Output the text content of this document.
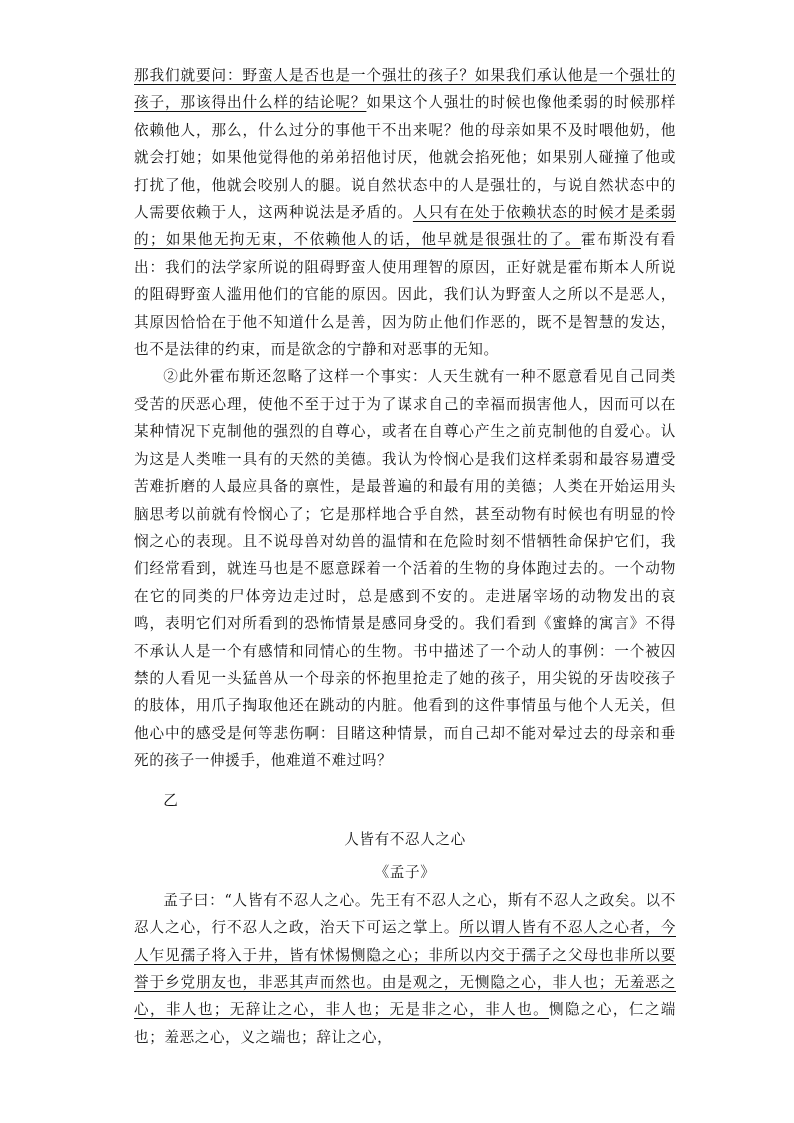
那我们就要问：野蛮人是否也是一个强壮的孩子？如果我们承认他是一个强壮的孩子，那该得出什么样的结论呢？如果这个人强壮的时候也像他柔弱的时候那样依赖他人，那么，什么过分的事他干不出来呢？他的母亲如果不及时喂他奶，他就会打她；如果他觉得他的弟弟招他讨厌，他就会掐死他；如果别人碰撞了他或打扰了他，他就会咬别人的腿。说自然状态中的人是强壮的，与说自然状态中的人需要依赖于人，这两种说法是矛盾的。人只有在处于依赖状态的时候才是柔弱的；如果他无拘无束，不依赖他人的话，他早就是很强壮的了。霍布斯没有看出：我们的法学家所说的阻碍野蛮人使用理智的原因，正好就是霍布斯本人所说的阻碍野蛮人滥用他们的官能的原因。因此，我们认为野蛮人之所以不是恶人，其原因恰恰在于他不知道什么是善，因为防止他们作恶的，既不是智慧的发达，也不是法律的约束，而是欲念的宁静和对恶事的无知。

②此外霍布斯还忽略了这样一个事实：人天生就有一种不愿意看见自己同类受苦的厌恶心理，使他不至于过于为了谋求自己的幸福而损害他人，因而可以在某种情况下克制他的强烈的自尊心，或者在自尊心产生之前克制他的自爱心。认为这是人类唯一具有的天然的美德。我认为怜悯心是我们这样柔弱和最容易遭受苦难折磨的人最应具备的禀性，是最普遍的和最有用的美德；人类在开始运用头脑思考以前就有怜悯心了；它是那样地合乎自然，甚至动物有时候也有明显的怜悯之心的表现。且不说母兽对幼兽的温情和在危险时刻不惜牺牲命保护它们，我们经常看到，就连马也是不愿意踩着一个活着的生物的身体跑过去的。一个动物在它的同类的尸体旁边走过时，总是感到不安的。走进屠宰场的动物发出的哀鸣，表明它们对所看到的恐怖情景是感同身受的。我们看到《蜜蜂的寓言》不得不承认人是一个有感情和同情心的生物。书中描述了一个动人的事例：一个被囚禁的人看见一头猛兽从一个母亲的怀抱里抢走了她的孩子，用尖锐的牙齿咬孩子的肢体，用爪子掏取他还在跳动的内脏。他看到的这件事情虽与他个人无关，但他心中的感受是何等悲伤啊：目睹这种情景，而自己却不能对晕过去的母亲和垂死的孩子一伸援手，他难道不难过吗？

乙

人皆有不忍人之心

《孟子》

孟子曰：“人皆有不忍人之心。先王有不忍人之心，斯有不忍人之政矣。以不忍人之心，行不忍人之政，治天下可运之掌上。所以谓人皆有不忍人之心者，今人乍见孺子将入于井，皆有怵惕恻隐之心；非所以内交于孺子之父母也非所以要誉于乡党朋友也，非恶其声而然也。由是观之，无恻隐之心，非人也；无羞恶之心，非人也；无辞让之心，非人也；无是非之心，非人也。恻隐之心，仁之端也；羞恶之心，义之端也；辞让之心，
